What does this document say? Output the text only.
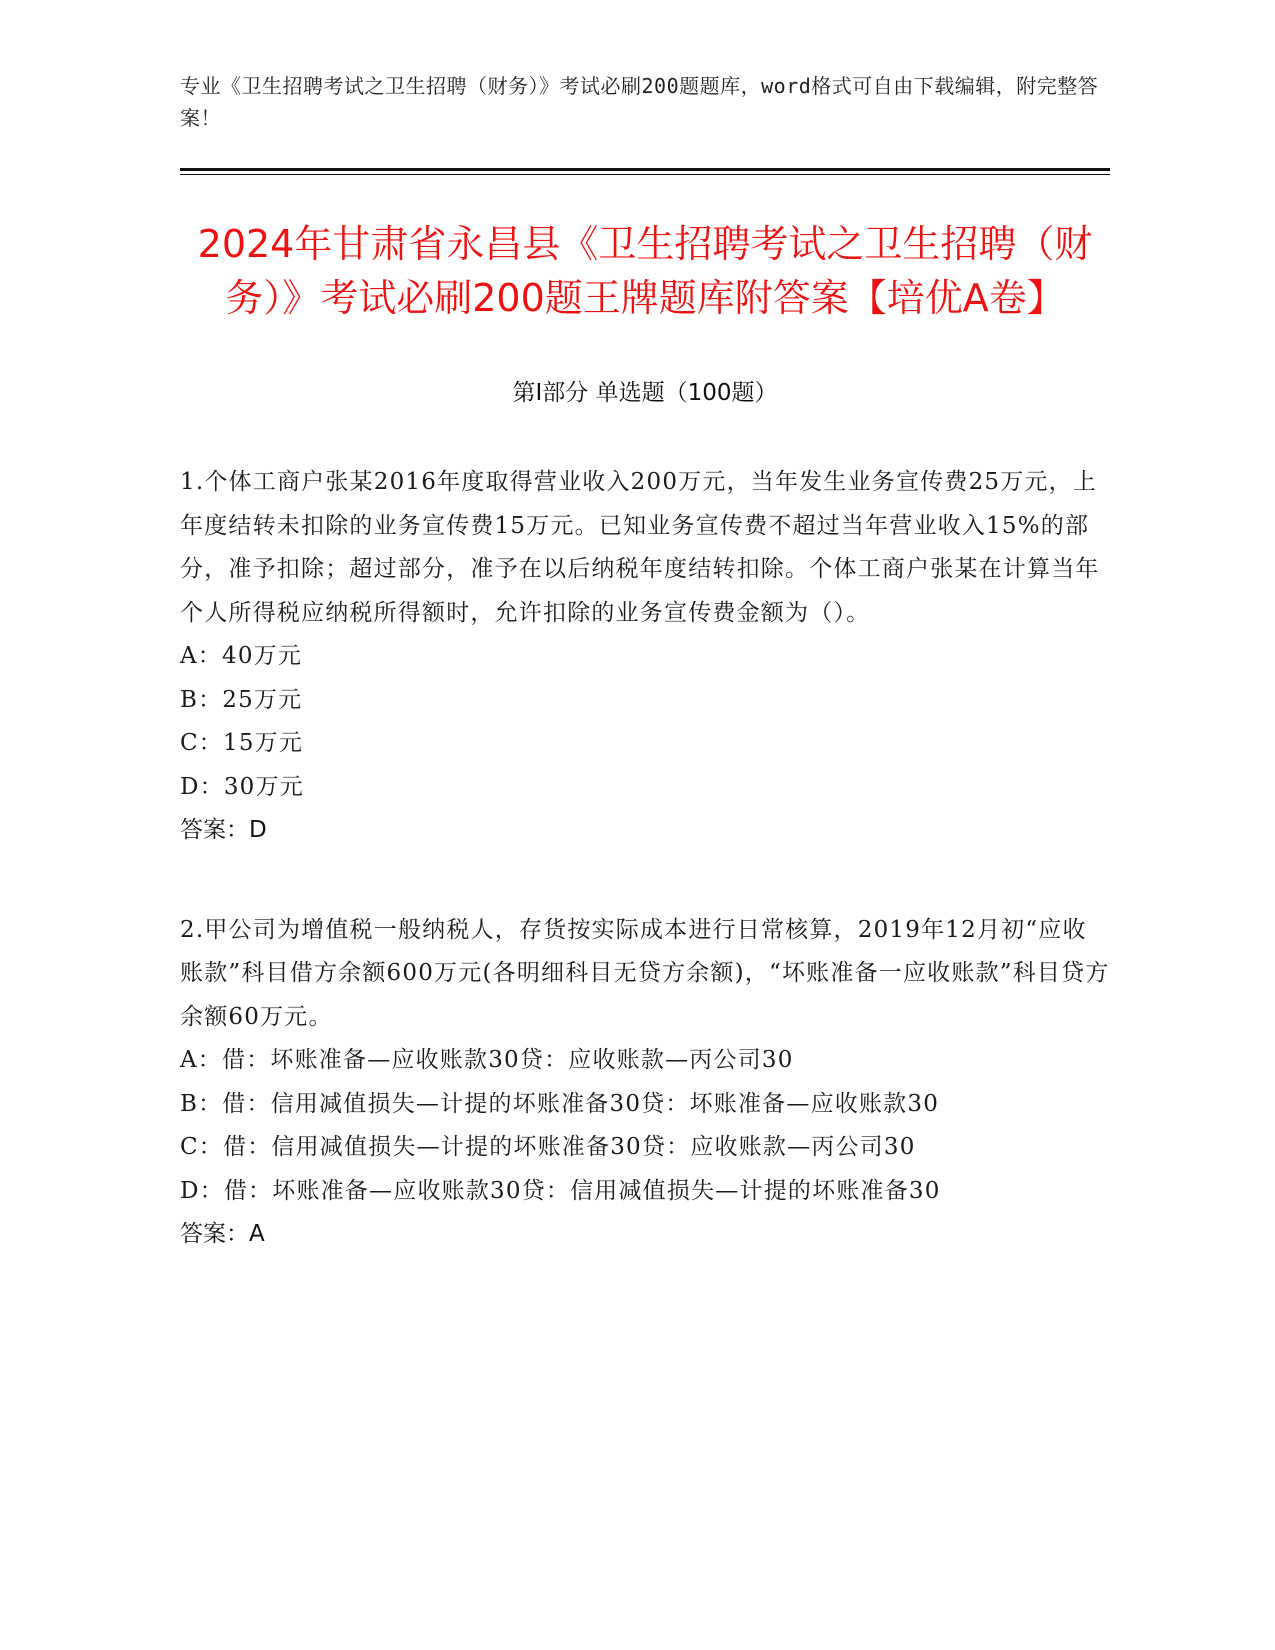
专业《卫生招聘考试之卫生招聘（财务）》考试必刷200题题库，word格式可自由下载编辑，附完整答案！
2024年甘肃省永昌县《卫生招聘考试之卫生招聘（财务）》考试必刷200题王牌题库附答案【培优A卷】
第I部分 单选题（100题）
1.个体工商户张某2016年度取得营业收入200万元，当年发生业务宣传费25万元，上年度结转未扣除的业务宣传费15万元。已知业务宣传费不超过当年营业收入15%的部分，准予扣除；超过部分，准予在以后纳税年度结转扣除。个体工商户张某在计算当年个人所得税应纳税所得额时，允许扣除的业务宣传费金额为（）。
A：40万元
B：25万元
C：15万元
D：30万元
答案：D
2.甲公司为增值税一般纳税人，存货按实际成本进行日常核算，2019年12月初“应收账款”科目借方余额600万元(各明细科目无贷方余额)，“坏账准备一应收账款”科目贷方余额60万元。
A：借：坏账准备—应收账款30贷：应收账款—丙公司30
B：借：信用减值损失—计提的坏账准备30贷：坏账准备—应收账款30
C：借：信用减值损失—计提的坏账准备30贷：应收账款—丙公司30
D：借：坏账准备—应收账款30贷：信用减值损失—计提的坏账准备30
答案：A
